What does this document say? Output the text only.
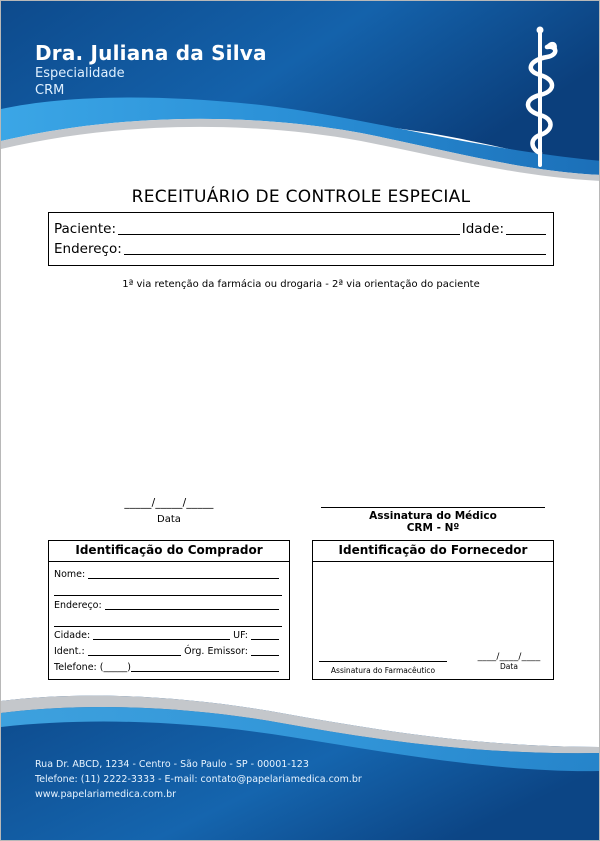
Dra. Juliana da Silva
Especialidade
CRM
RECEITUÁRIO DE CONTROLE ESPECIAL
Paciente:	Idade:
Endereço:
1ª via retenção da farmácia ou drogaria - 2ª via orientação do paciente
_____/_____/_____
Data	Assinatura do Médico
CRM - Nº
Identificação do Comprador
Nome:
Endereço:
Cidade:	UF:
Ident.:	Órg. Emissor:
Telefone: (_____)
Identificação do Fornecedor
Assinatura do Farmacêutico
____/____/____
Data
Rua Dr. ABCD, 1234 - Centro - São Paulo - SP - 00001-123
Telefone: (11) 2222-3333 - E-mail: contato@papelariamedica.com.br
www.papelariamedica.com.br
